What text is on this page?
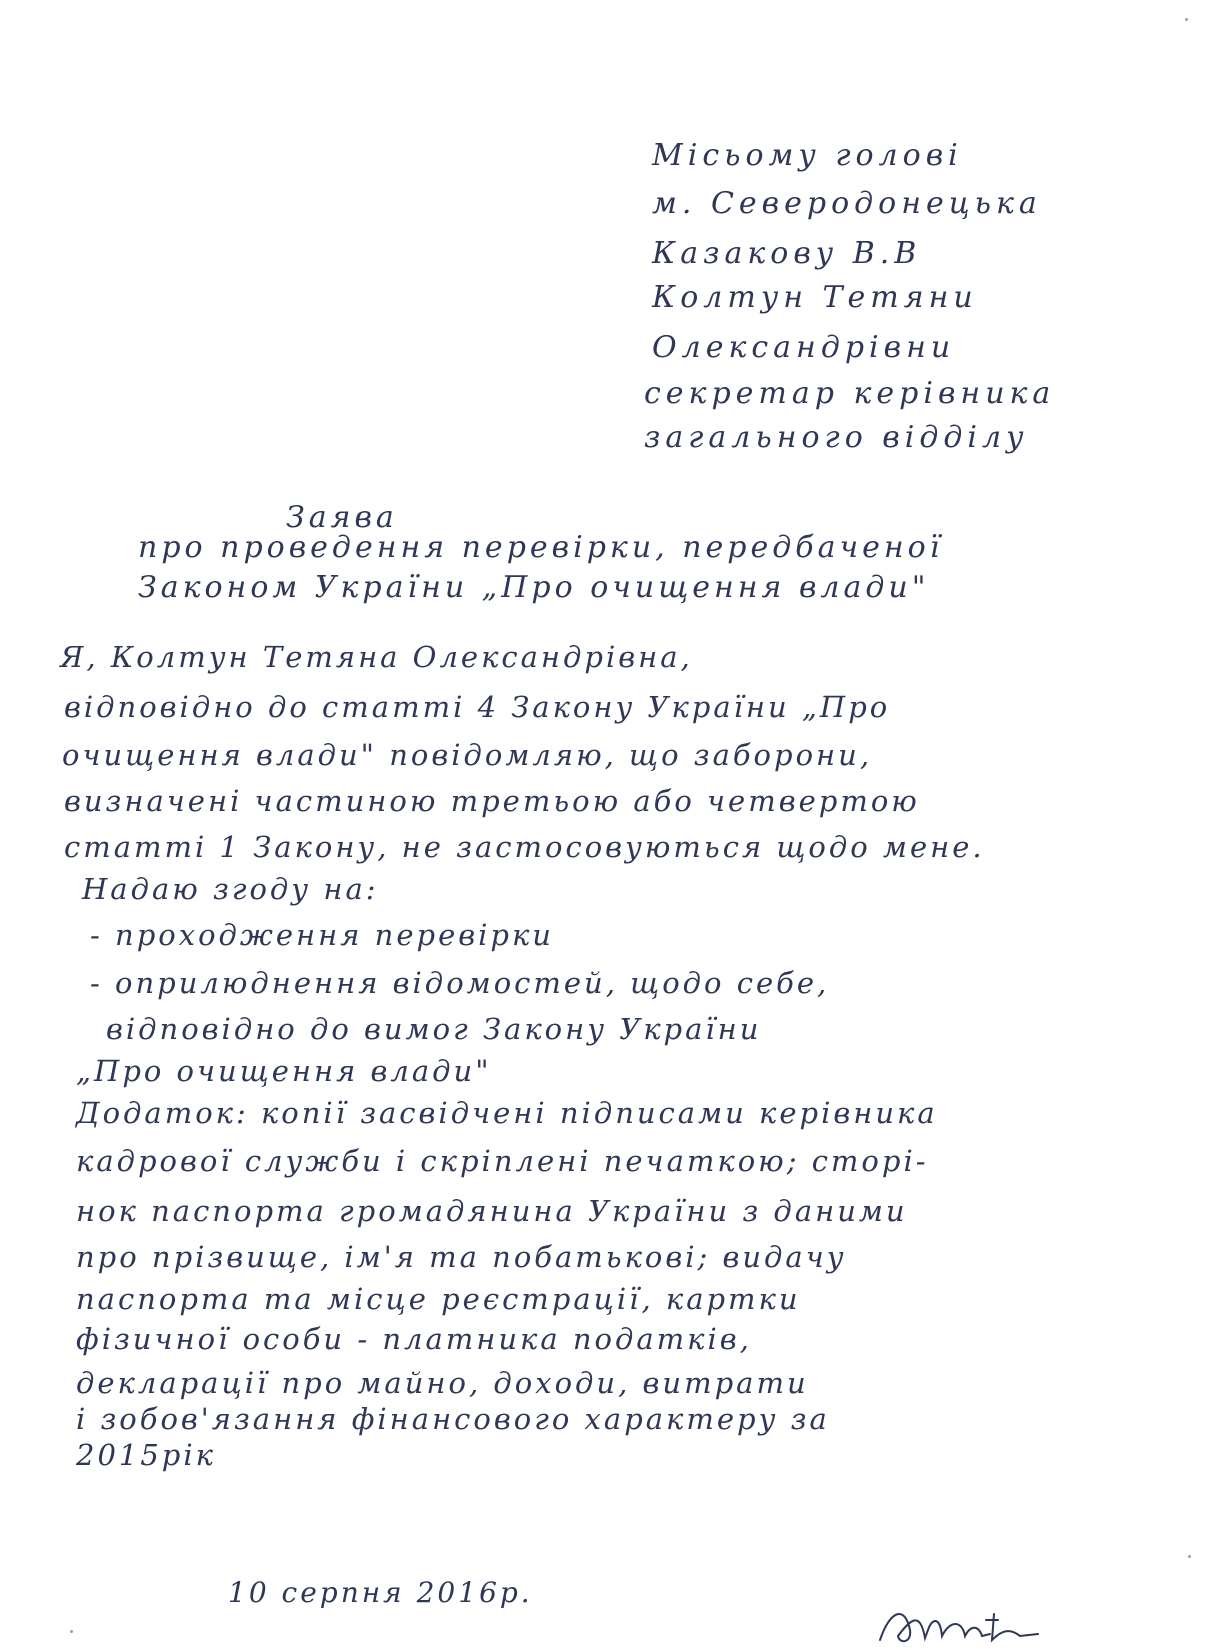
Місьому голові
м. Северодонецька
Казакову В.В
Колтун Тетяни
Олександрівни
секретар керівника
загального відділу
Заява
про проведення перевірки, передбаченої
Законом України „Про очищення влади"
Я, Колтун Тетяна Олександрівна,
відповідно до статті 4 Закону України „Про
очищення влади" повідомляю, що заборони,
визначені частиною третьою або четвертою
статті 1 Закону, не застосовуються щодо мене.
Надаю згоду на:
- проходження перевірки
- оприлюднення відомостей, щодо себе,
відповідно до вимог Закону України
„Про очищення влади"
Додаток: копії засвідчені підписами керівника
кадрової служби і скріплені печаткою; сторі-
нок паспорта громадянина України з даними
про прізвище, ім'я та побатькові; видачу
паспорта та місце реєстрації, картки
фізичної особи - платника податків,
декларації про майно, доходи, витрати
і зобов'язання фінансового характеру за
2015рік
10 серпня 2016р.
